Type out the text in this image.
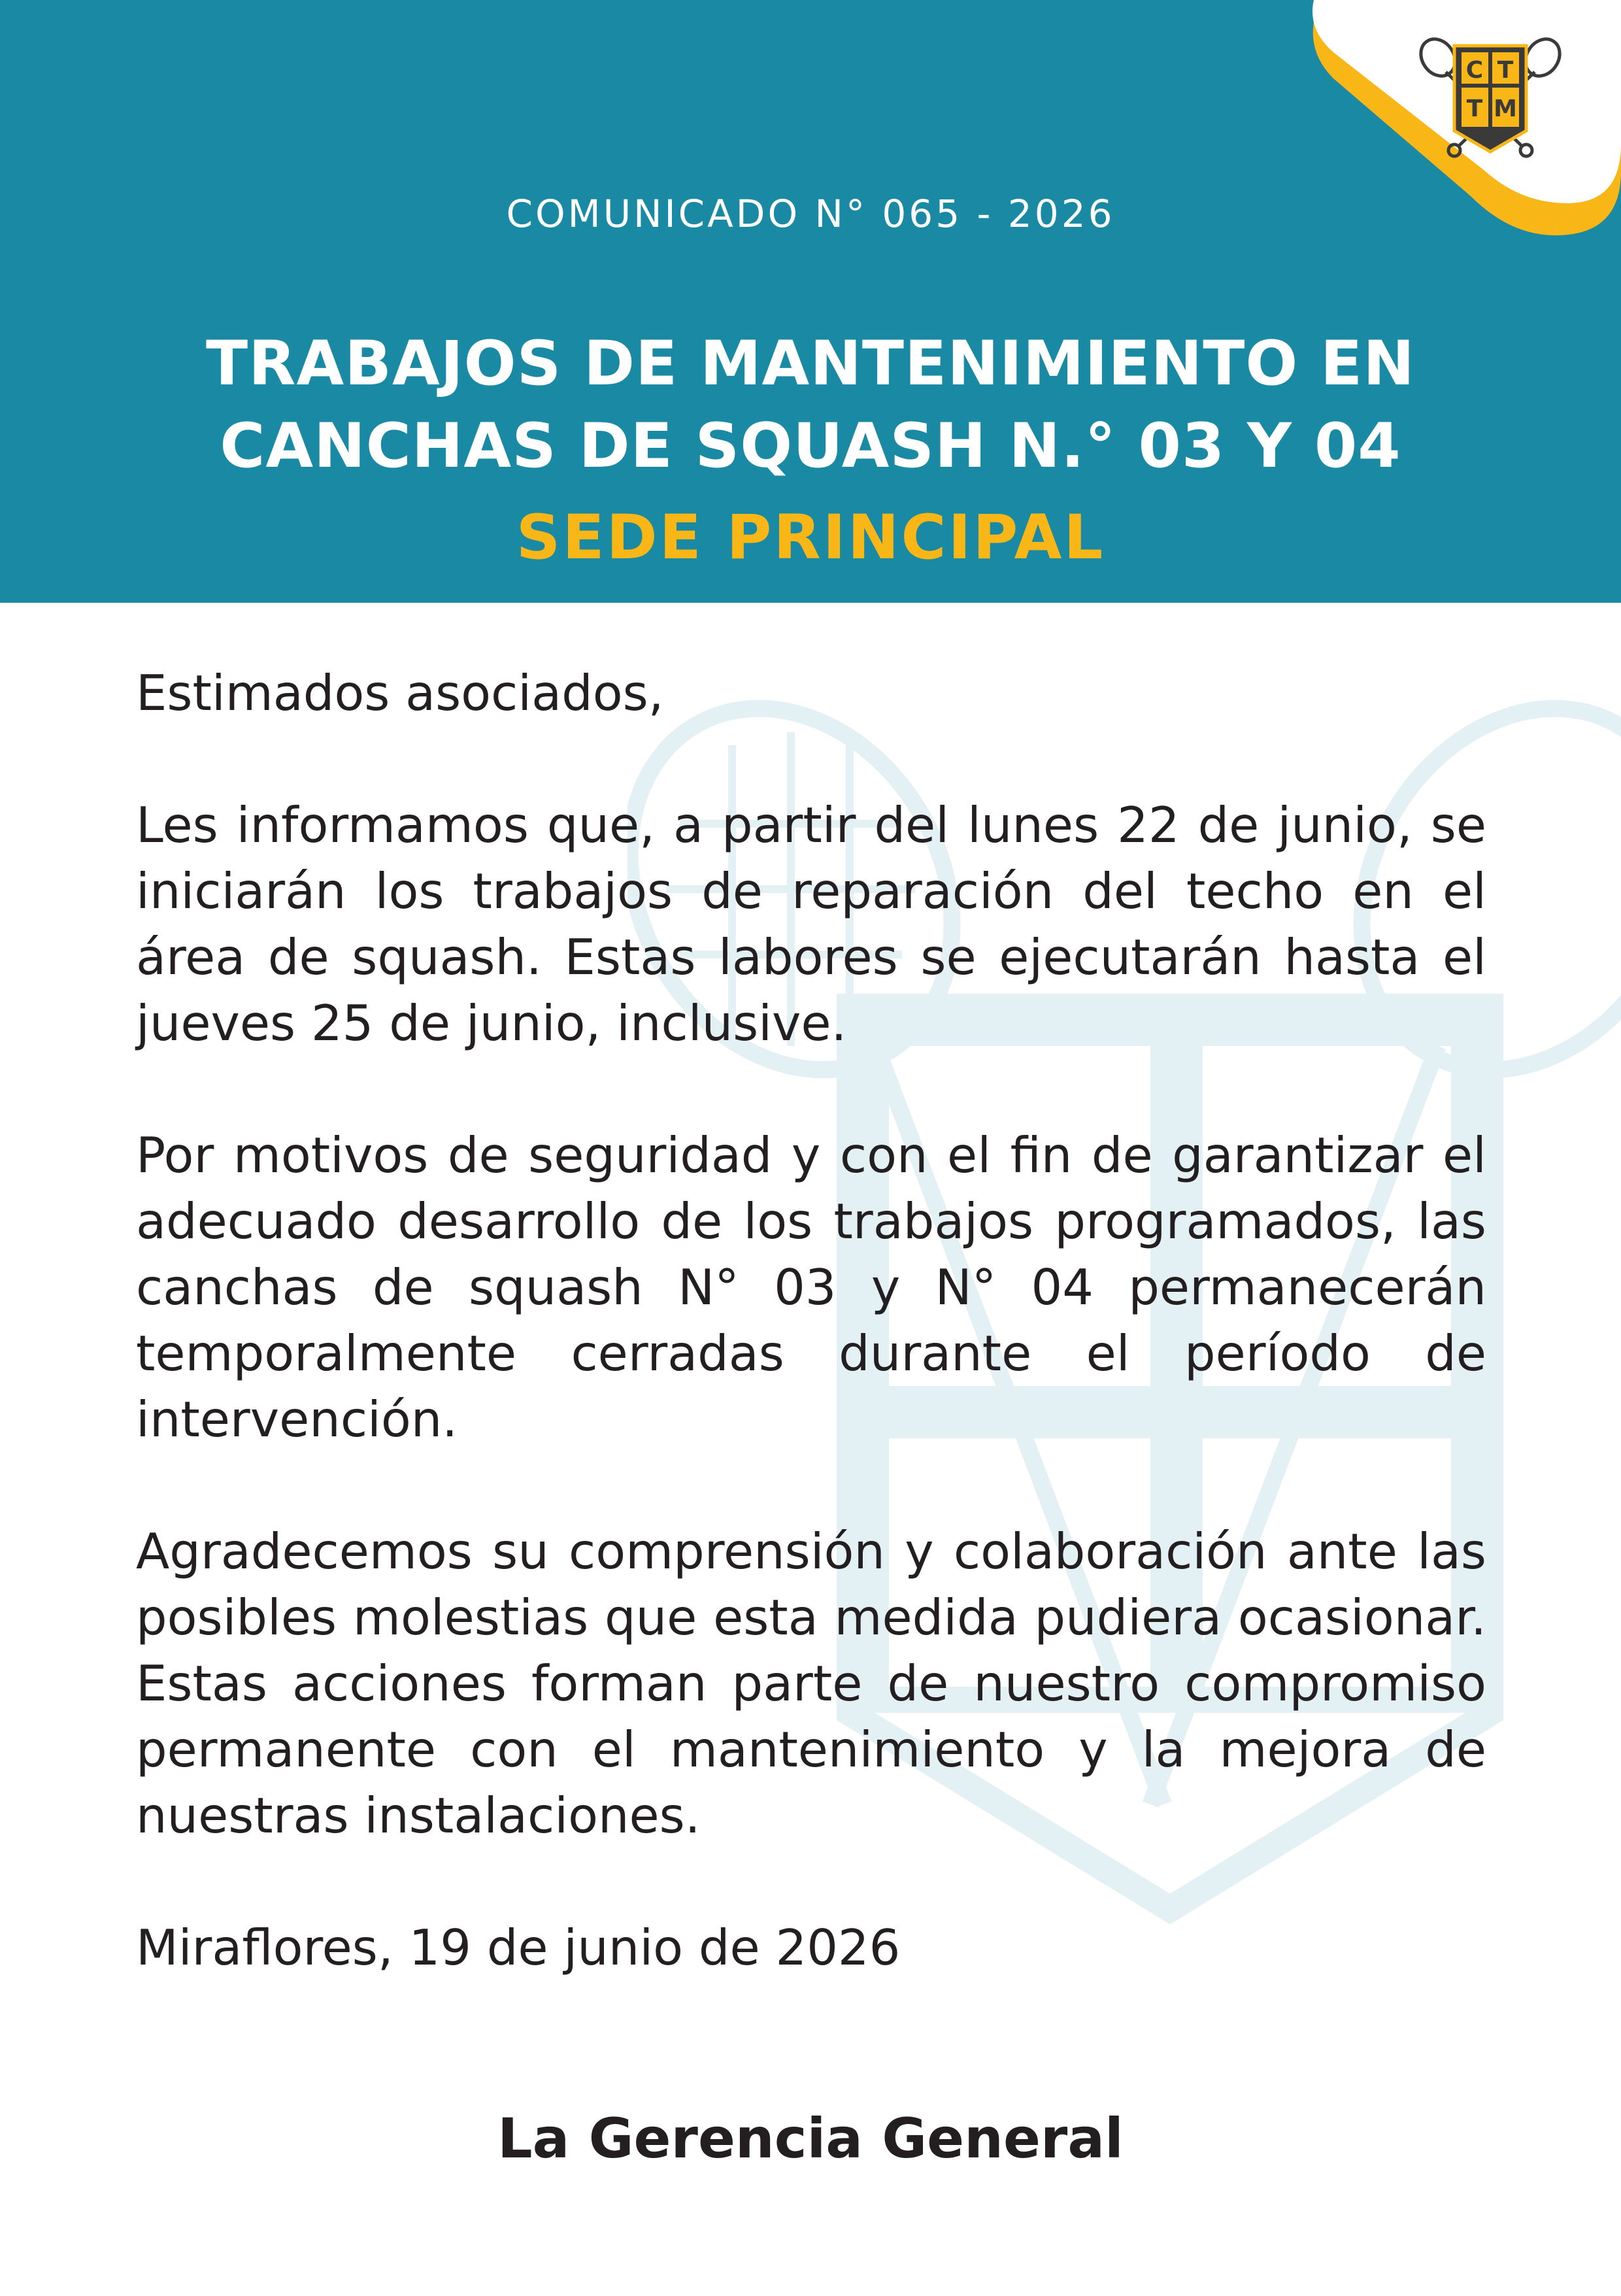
COMUNICADO N° 065 - 2026
TRABAJOS DE MANTENIMIENTO EN
CANCHAS DE SQUASH N.° 03 Y 04
SEDE PRINCIPAL
C T
T M

Estimados asociados,

Les informamos que, a partir del lunes 22 de junio, se iniciarán los trabajos de reparación del techo en el área de squash. Estas labores se ejecutarán hasta el jueves 25 de junio, inclusive.

Por motivos de seguridad y con el fin de garantizar el adecuado desarrollo de los trabajos programados, las canchas de squash N° 03 y N° 04 permanecerán temporalmente cerradas durante el período de intervención.

Agradecemos su comprensión y colaboración ante las posibles molestias que esta medida pudiera ocasionar. Estas acciones forman parte de nuestro compromiso permanente con el mantenimiento y la mejora de nuestras instalaciones.

Miraflores, 19 de junio de 2026

La Gerencia General
